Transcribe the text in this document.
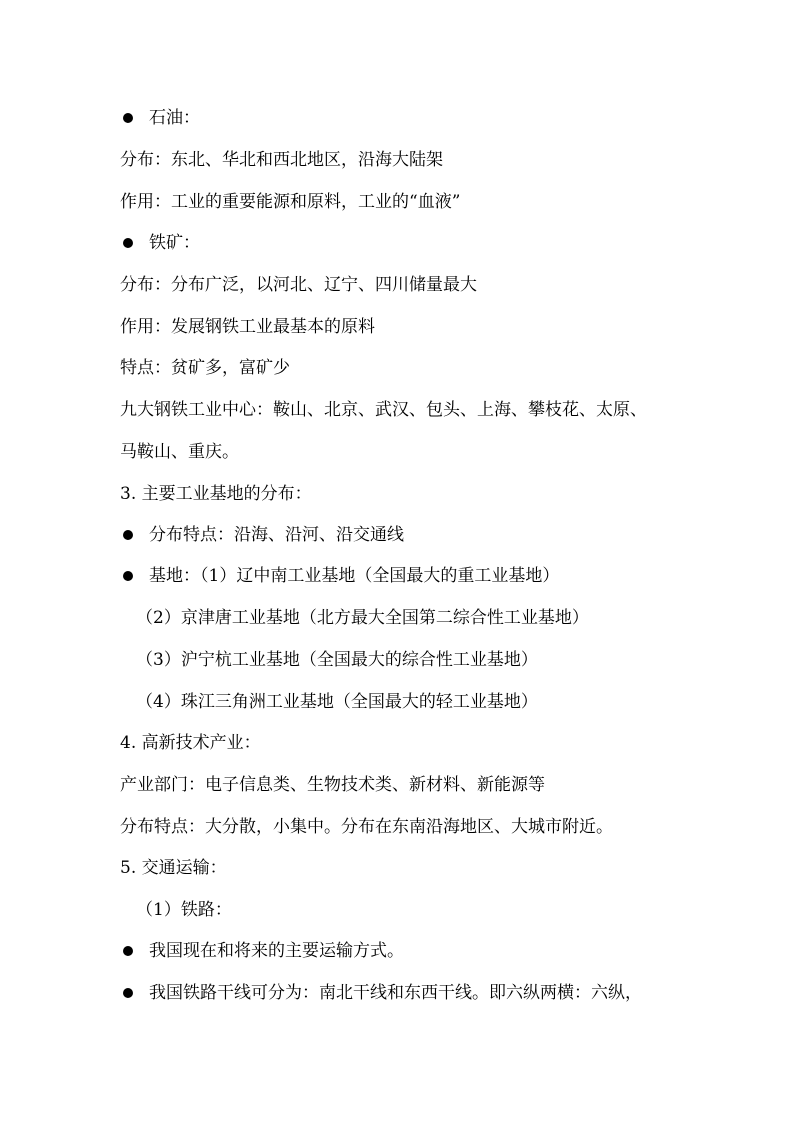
石油：
分布：东北、华北和西北地区，沿海大陆架
作用：工业的重要能源和原料，工业的“血液”
铁矿：
分布：分布广泛，以河北、辽宁、四川储量最大
作用：发展钢铁工业最基本的原料
特点：贫矿多，富矿少
九大钢铁工业中心：鞍山、北京、武汉、包头、上海、攀枝花、太原、
马鞍山、重庆。
3. 主要工业基地的分布：
分布特点：沿海、沿河、沿交通线
基地：（1）辽中南工业基地（全国最大的重工业基地）
（2）京津唐工业基地（北方最大全国第二综合性工业基地）
（3）沪宁杭工业基地（全国最大的综合性工业基地）
（4）珠江三角洲工业基地（全国最大的轻工业基地）
4. 高新技术产业：
产业部门：电子信息类、生物技术类、新材料、新能源等
分布特点：大分散，小集中。分布在东南沿海地区、大城市附近。
5. 交通运输：
（1）铁路：
我国现在和将来的主要运输方式。
我国铁路干线可分为：南北干线和东西干线。即六纵两横：六纵，
